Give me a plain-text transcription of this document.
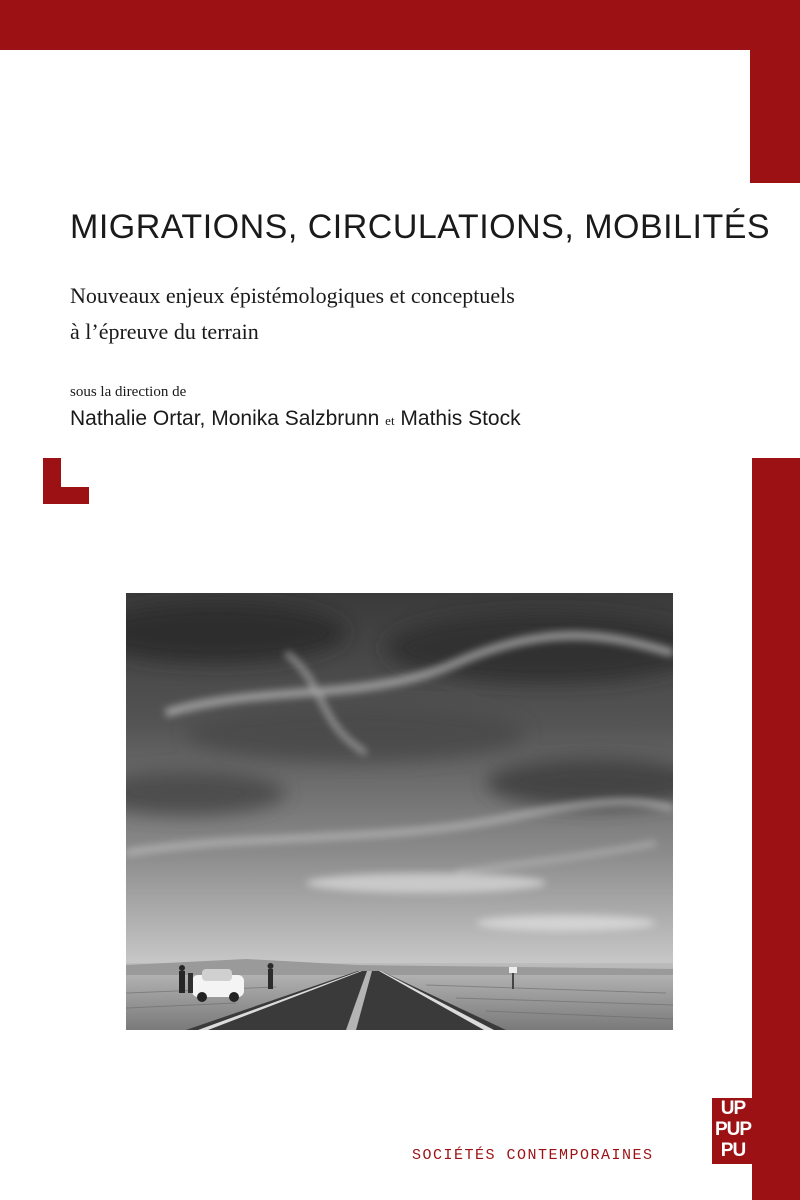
MIGRATIONS, CIRCULATIONS, MOBILITÉS
Nouveaux enjeux épistémologiques et conceptuels
à l’épreuve du terrain
sous la direction de
Nathalie Ortar, Monika Salzbrunn et Mathis Stock
SOCIÉTÉS CONTEMPORAINES
UP
PUP
PU
